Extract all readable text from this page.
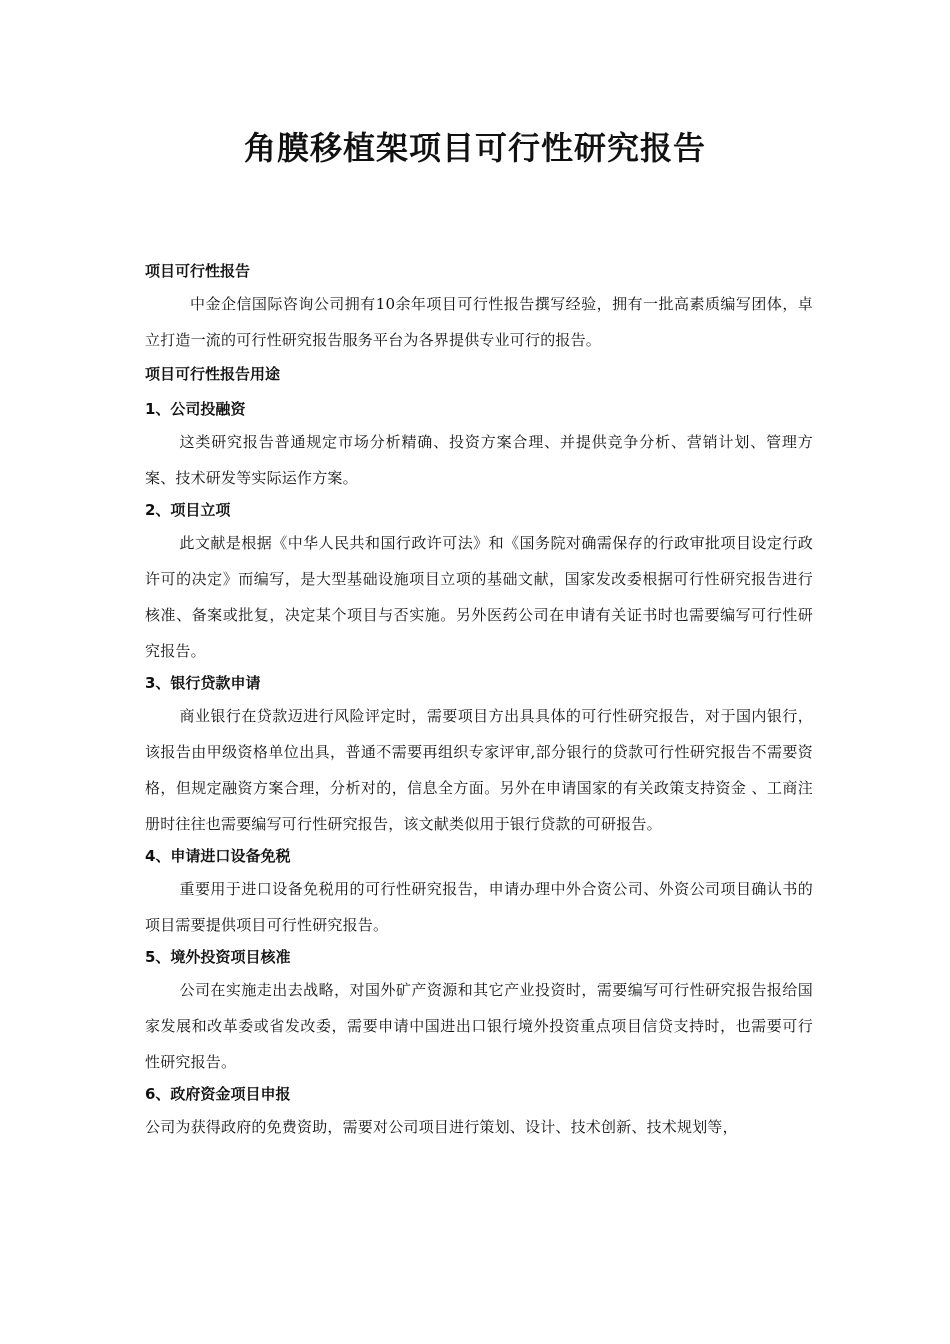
角膜移植架项目可行性研究报告
项目可行性报告
中金企信国际咨询公司拥有10余年项目可行性报告撰写经验，拥有一批高素质编写团体，卓立打造一流的可行性研究报告服务平台为各界提供专业可行的报告。
项目可行性报告用途
1、公司投融资
这类研究报告普通规定市场分析精确、投资方案合理、并提供竞争分析、营销计划、管理方案、技术研发等实际运作方案。
2、项目立项
此文献是根据《中华人民共和国行政许可法》和《国务院对确需保存的行政审批项目设定行政许可的决定》而编写，是大型基础设施项目立项的基础文献，国家发改委根据可行性研究报告进行核准、备案或批复，决定某个项目与否实施。另外医药公司在申请有关证书时也需要编写可行性研究报告。
3、银行贷款申请
商业银行在贷款迈进行风险评定时，需要项目方出具具体的可行性研究报告，对于国内银行，该报告由甲级资格单位出具，普通不需要再组织专家评审,部分银行的贷款可行性研究报告不需要资格，但规定融资方案合理，分析对的，信息全方面。另外在申请国家的有关政策支持资金 、工商注册时往往也需要编写可行性研究报告，该文献类似用于银行贷款的可研报告。
4、申请进口设备免税
重要用于进口设备免税用的可行性研究报告，申请办理中外合资公司、外资公司项目确认书的项目需要提供项目可行性研究报告。
5、境外投资项目核准
公司在实施走出去战略，对国外矿产资源和其它产业投资时，需要编写可行性研究报告报给国家发展和改革委或省发改委，需要申请中国进出口银行境外投资重点项目信贷支持时，也需要可行性研究报告。
6、政府资金项目申报
公司为获得政府的免费资助，需要对公司项目进行策划、设计、技术创新、技术规划等，
